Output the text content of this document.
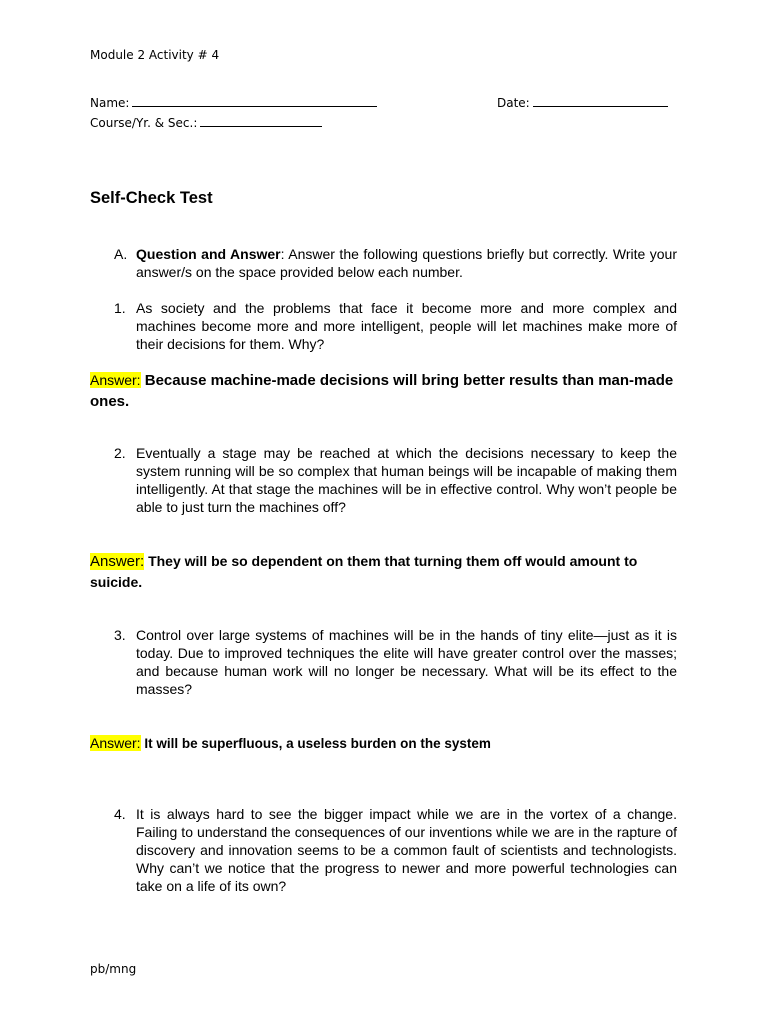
Module 2 Activity # 4
Name:	Date:
Course/Yr. & Sec.:
Self-Check Test
A. Question and Answer: Answer the following questions briefly but correctly. Write your answer/s on the space provided below each number.
1. As society and the problems that face it become more and more complex and machines become more and more intelligent, people will let machines make more of their decisions for them. Why?
Answer: Because machine-made decisions will bring better results than man-made ones.
2. Eventually a stage may be reached at which the decisions necessary to keep the system running will be so complex that human beings will be incapable of making them intelligently. At that stage the machines will be in effective control. Why won’t people be able to just turn the machines off?
Answer: They will be so dependent on them that turning them off would amount to suicide.
3. Control over large systems of machines will be in the hands of tiny elite—just as it is today. Due to improved techniques the elite will have greater control over the masses; and because human work will no longer be necessary. What will be its effect to the masses?
Answer: It will be superfluous, a useless burden on the system
4. It is always hard to see the bigger impact while we are in the vortex of a change. Failing to understand the consequences of our inventions while we are in the rapture of discovery and innovation seems to be a common fault of scientists and technologists. Why can’t we notice that the progress to newer and more powerful technologies can take on a life of its own?
pb/mng
